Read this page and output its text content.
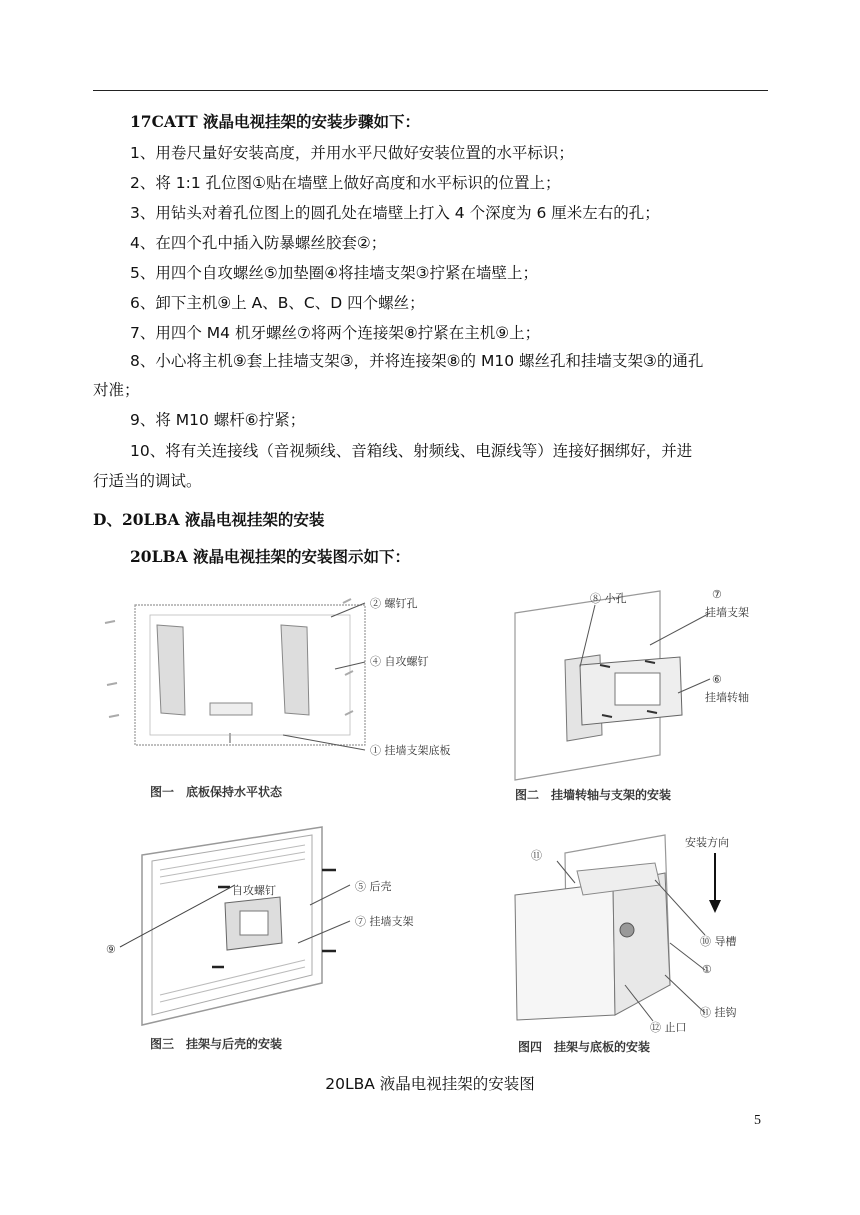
17CATT 液晶电视挂架的安装步骤如下：
1、用卷尺量好安装高度，并用水平尺做好安装位置的水平标识；
2、将 1:1 孔位图①贴在墙壁上做好高度和水平标识的位置上；
3、用钻头对着孔位图上的圆孔处在墙壁上打入 4 个深度为 6 厘米左右的孔；
4、在四个孔中插入防暴螺丝胶套②；
5、用四个自攻螺丝⑤加垫圈④将挂墙支架③拧紧在墙壁上；
6、卸下主机⑨上 A、B、C、D 四个螺丝；
7、用四个 M4 机牙螺丝⑦将两个连接架⑧拧紧在主机⑨上；
8、小心将主机⑨套上挂墙支架③，并将连接架⑧的 M10 螺丝孔和挂墙支架③的通孔
对准；
9、将 M10 螺杆⑥拧紧；
10、将有关连接线（音视频线、音箱线、射频线、电源线等）连接好捆绑好，并进
行适当的调试。
D、20LBA 液晶电视挂架的安装
20LBA 液晶电视挂架的安装图示如下：
② 螺钉孔
④ 自攻螺钉
① 挂墙支架底板
图一　底板保持水平状态
⑧ 小孔	⑦
挂墙支架
⑥
挂墙转轴
图二　挂墙转轴与支架的安装
自攻螺钉	⑤ 后壳
⑦ 挂墙支架
⑨
图三　挂架与后壳的安装
⑪
安装方向
⑩ 导槽
①
⑪ 挂钩
⑫ 止口
图四　挂架与底板的安装
20LBA 液晶电视挂架的安装图
5
